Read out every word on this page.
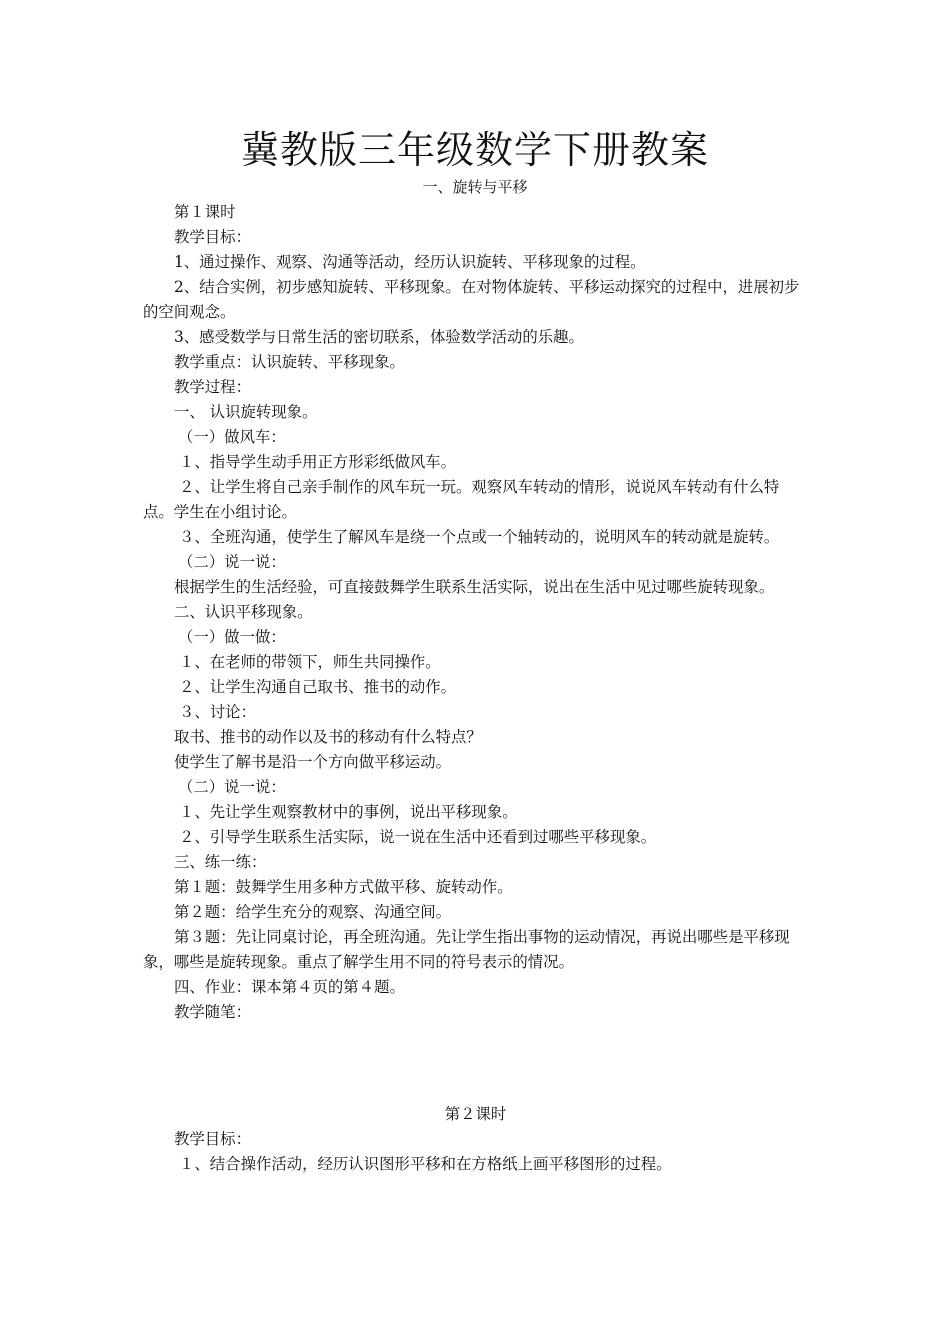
冀教版三年级数学下册教案
一、旋转与平移

第１课时

教学目标：

1、通过操作、观察、沟通等活动，经历认识旋转、平移现象的过程。

2、结合实例，初步感知旋转、平移现象。在对物体旋转、平移运动探究的过程中，进展初步的空间观念。

3、感受数学与日常生活的密切联系，体验数学活动的乐趣。

教学重点：认识旋转、平移现象。

教学过程：

一、 认识旋转现象。

（一）做风车：

１、指导学生动手用正方形彩纸做风车。

２、让学生将自己亲手制作的风车玩一玩。观察风车转动的情形，说说风车转动有什么特点。学生在小组讨论。

３、全班沟通，使学生了解风车是绕一个点或一个轴转动的，说明风车的转动就是旋转。

（二）说一说：

根据学生的生活经验，可直接鼓舞学生联系生活实际，说出在生活中见过哪些旋转现象。

二、认识平移现象。

（一）做一做：

１、在老师的带领下，师生共同操作。

２、让学生沟通自己取书、推书的动作。

３、讨论：

取书、推书的动作以及书的移动有什么特点？

使学生了解书是沿一个方向做平移运动。

（二）说一说：

１、先让学生观察教材中的事例，说出平移现象。

２、引导学生联系生活实际，说一说在生活中还看到过哪些平移现象。

三、练一练：

第１题：鼓舞学生用多种方式做平移、旋转动作。

第２题：给学生充分的观察、沟通空间。

第３题：先让同桌讨论，再全班沟通。先让学生指出事物的运动情况，再说出哪些是平移现象，哪些是旋转现象。重点了解学生用不同的符号表示的情况。

四、作业：课本第４页的第４题。

教学随笔：

第２课时

教学目标：

１、结合操作活动，经历认识图形平移和在方格纸上画平移图形的过程。
